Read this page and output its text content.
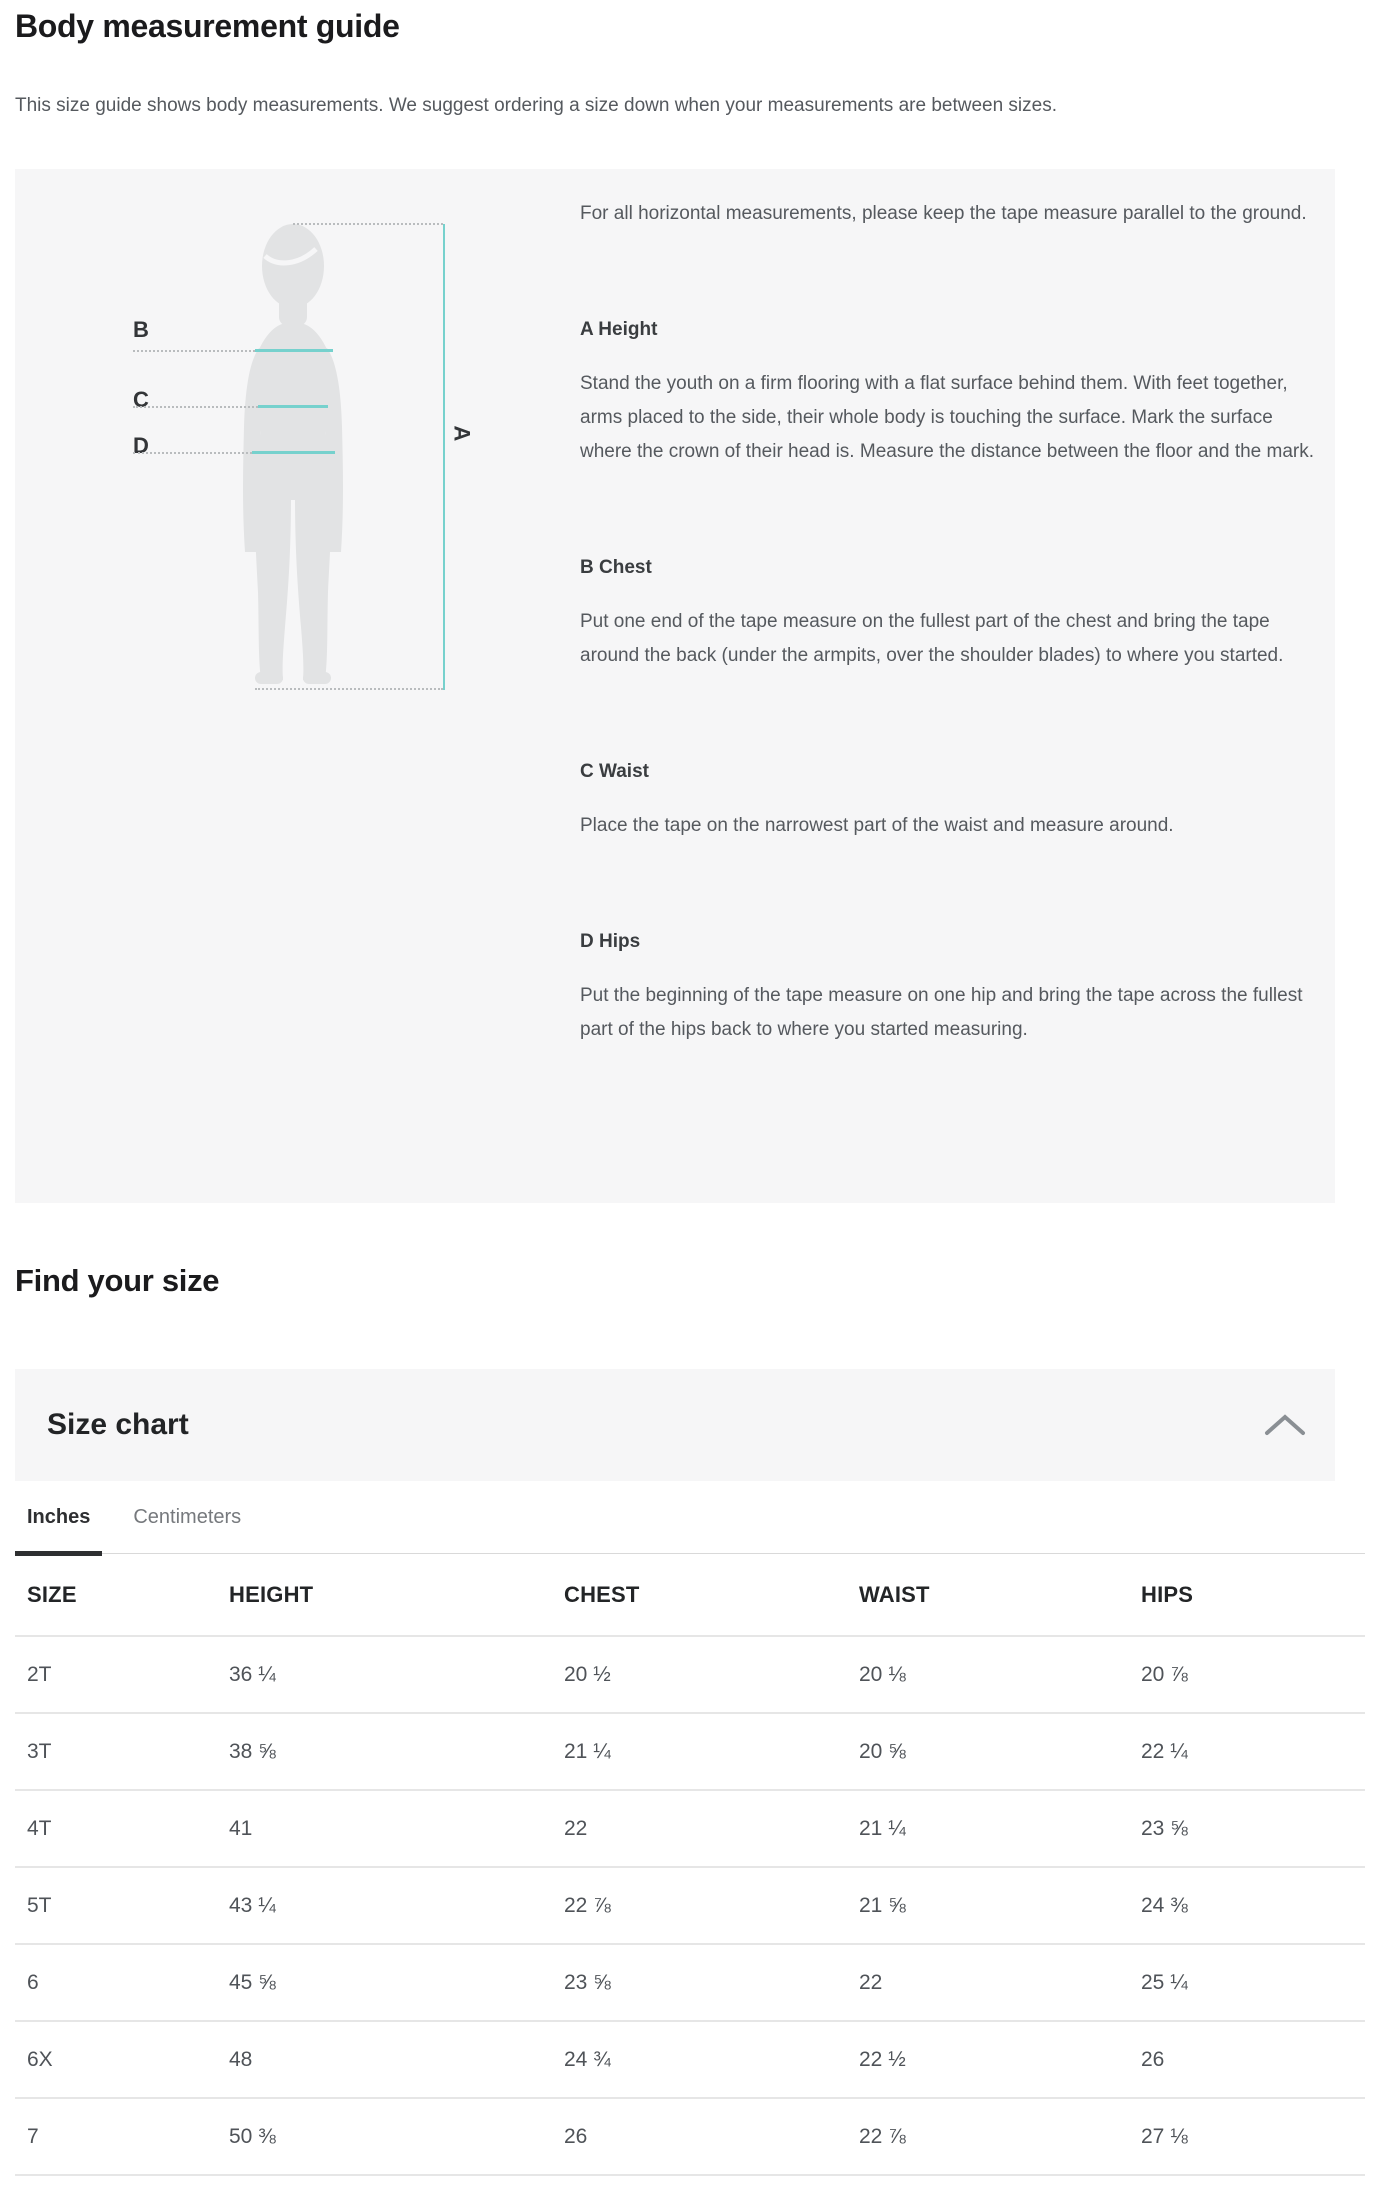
Body measurement guide

This size guide shows body measurements. We suggest ordering a size down when your measurements are between sizes.

A
B
C
D

For all horizontal measurements, please keep the tape measure parallel to the ground.

A Height

Stand the youth on a firm flooring with a flat surface behind them. With feet together, arms placed to the side, their whole body is touching the surface. Mark the surface where the crown of their head is. Measure the distance between the floor and the mark.

B Chest

Put one end of the tape measure on the fullest part of the chest and bring the tape around the back (under the armpits, over the shoulder blades) to where you started.

C Waist

Place the tape on the narrowest part of the waist and measure around.

D Hips

Put the beginning of the tape measure on one hip and bring the tape across the fullest part of the hips back to where you started measuring.

Find your size
Size chart
Inches	Centimeters
SIZE	HEIGHT	CHEST	WAIST	HIPS
2T	36 ¼	20 ½	20 ⅛	20 ⅞
3T	38 ⅝	21 ¼	20 ⅝	22 ¼
4T	41	22	21 ¼	23 ⅝
5T	43 ¼	22 ⅞	21 ⅝	24 ⅜
6	45 ⅝	23 ⅝	22	25 ¼
6X	48	24 ¾	22 ½	26
7	50 ⅜	26	22 ⅞	27 ⅛
